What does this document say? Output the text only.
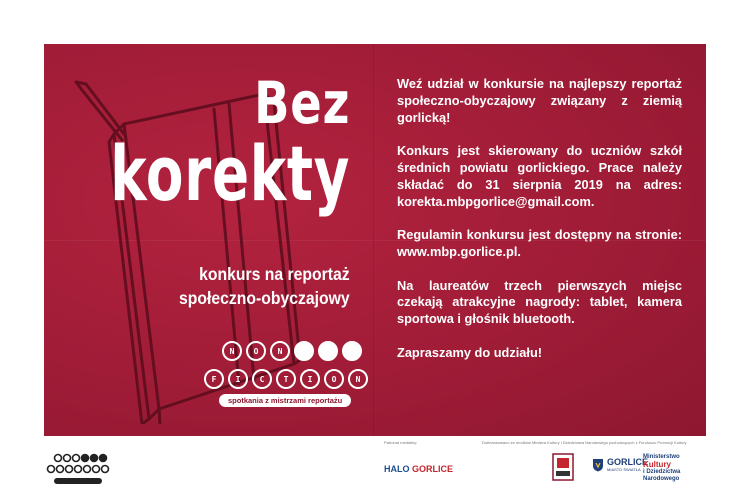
Bez
korekty
konkurs na reportaż
społeczno-obyczajowy
N	O	N
F	I	C	T	I	O	N
spotkania z mistrzami reportażu

Weź udział w konkursie na najlepszy reportaż społeczno-obyczajowy związany z ziemią gorlicką!

Konkurs jest skierowany do uczniów szkół średnich powiatu gorlickiego. Prace należy składać do 31 sierpnia 2019 na adres: korekta.mbpgorlice@gmail.com.

Regulamin konkursu jest dostępny na stronie: www.mbp.gorlice.pl.

Na laureatów trzech pierwszych miejsc czekają atrakcyjne nagrody: tablet, kamera sportowa i głośnik bluetooth.

Zapraszamy do udziału!

Patronat medialny:	Dofinansowano ze środków Ministra Kultury i Dziedzictwa Narodowego pochodzących z Funduszu Promocji Kultury
HALO GORLICE
GORLICE
MIASTO ŚWIATŁA
Ministerstwo
Kultury
i Dziedzictwa
Narodowego
